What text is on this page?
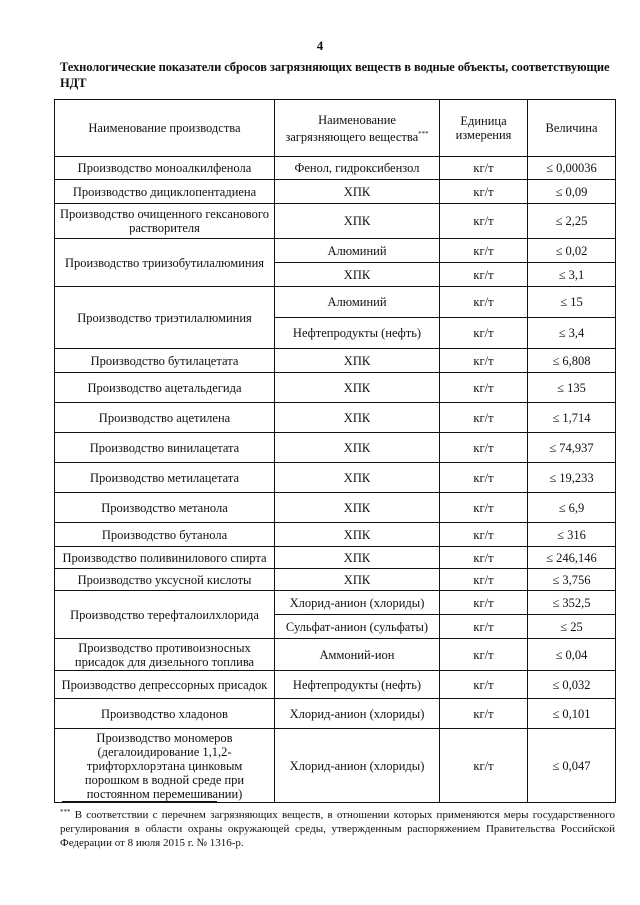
4
Технологические показатели сбросов загрязняющих веществ в водные объекты, соответствующие НДТ
Наименование производства	Наименование загрязняющего вещества***	Единица измерения	Величина
Производство моноалкилфенола	Фенол, гидроксибензол	кг/т	≤ 0,00036
Производство дициклопентадиена	ХПК	кг/т	≤ 0,09
Производство очищенного гексанового растворителя	ХПК	кг/т	≤ 2,25
Производство триизобутилалюминия	Алюминий	кг/т	≤ 0,02
	ХПК	кг/т	≤ 3,1
Производство триэтилалюминия	Алюминий	кг/т	≤ 15
	Нефтепродукты (нефть)	кг/т	≤ 3,4
Производство бутилацетата	ХПК	кг/т	≤ 6,808
Производство ацетальдегида	ХПК	кг/т	≤ 135
Производство ацетилена	ХПК	кг/т	≤ 1,714
Производство винилацетата	ХПК	кг/т	≤ 74,937
Производство метилацетата	ХПК	кг/т	≤ 19,233
Производство метанола	ХПК	кг/т	≤ 6,9
Производство бутанола	ХПК	кг/т	≤ 316
Производство поливинилового спирта	ХПК	кг/т	≤ 246,146
Производство уксусной кислоты	ХПК	кг/т	≤ 3,756
Производство терефталоилхлорида	Хлорид-анион (хлориды)	кг/т	≤ 352,5
	Сульфат-анион (сульфаты)	кг/т	≤ 25
Производство противоизносных присадок для дизельного топлива	Аммоний-ион	кг/т	≤ 0,04
Производство депрессорных присадок	Нефтепродукты (нефть)	кг/т	≤ 0,032
Производство хладонов	Хлорид-анион (хлориды)	кг/т	≤ 0,101
Производство мономеров (дегалоидирование 1,1,2-трифторхлорэтана цинковым порошком в водной среде при постоянном перемешивании)	Хлорид-анион (хлориды)	кг/т	≤ 0,047
*** В соответствии с перечнем загрязняющих веществ, в отношении которых применяются меры государственного регулирования в области охраны окружающей среды, утвержденным распоряжением Правительства Российской Федерации от 8 июля 2015 г. № 1316-р.
